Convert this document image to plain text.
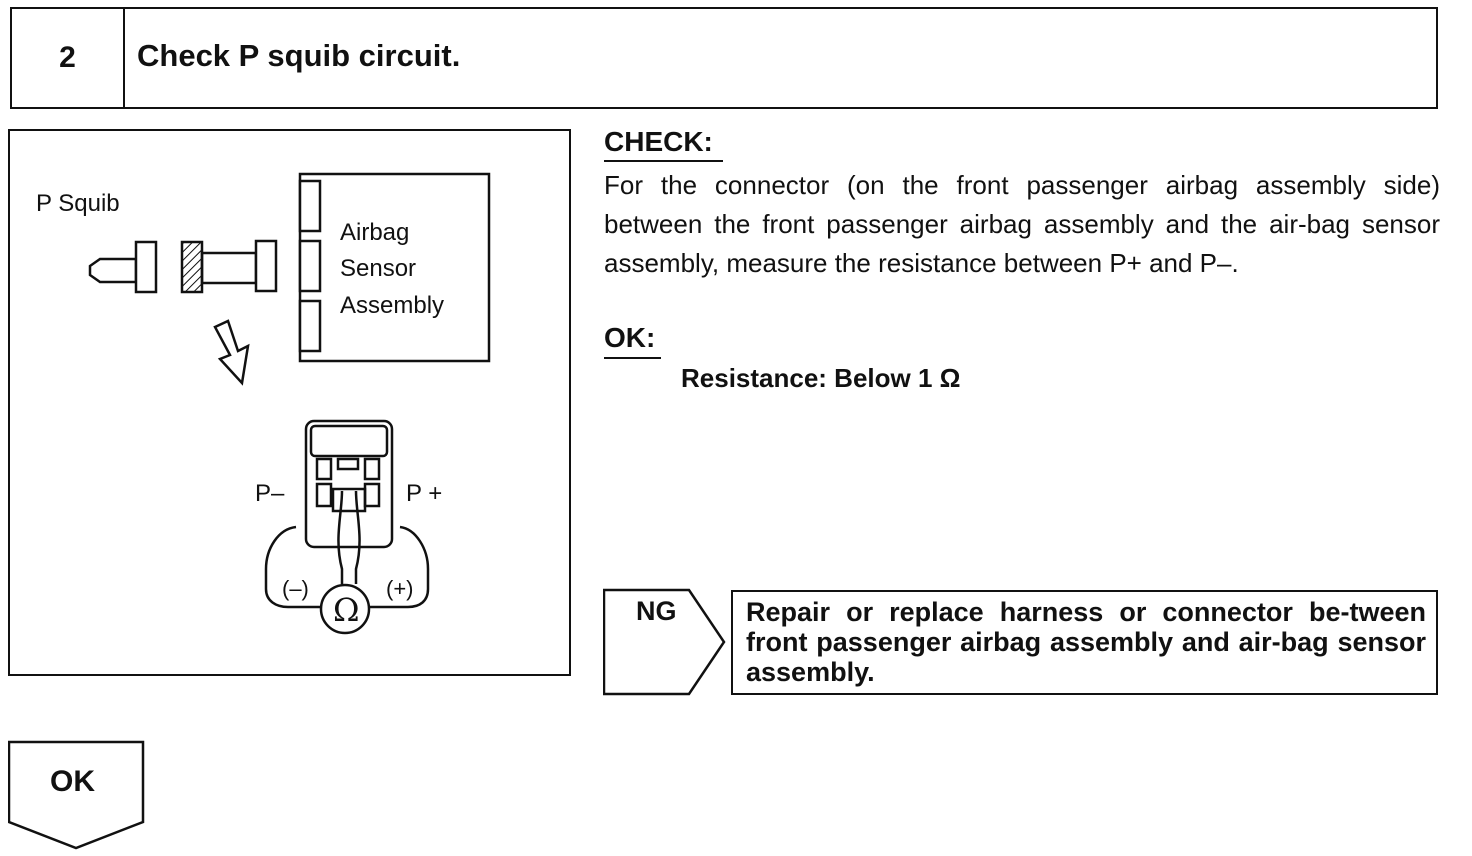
2	Check P squib circuit.
P Squib
Airbag
Sensor
Assembly
P–	P +
(–)	(+)
Ω
CHECK:
For the connector (on the front passenger airbag assembly side) between the front passenger airbag assembly and the air-bag sensor assembly, measure the resistance between P+ and P–.
OK:
Resistance: Below 1 Ω
NG	Repair or replace harness or connector be-tween front passenger airbag assembly and air-bag sensor assembly.
OK
